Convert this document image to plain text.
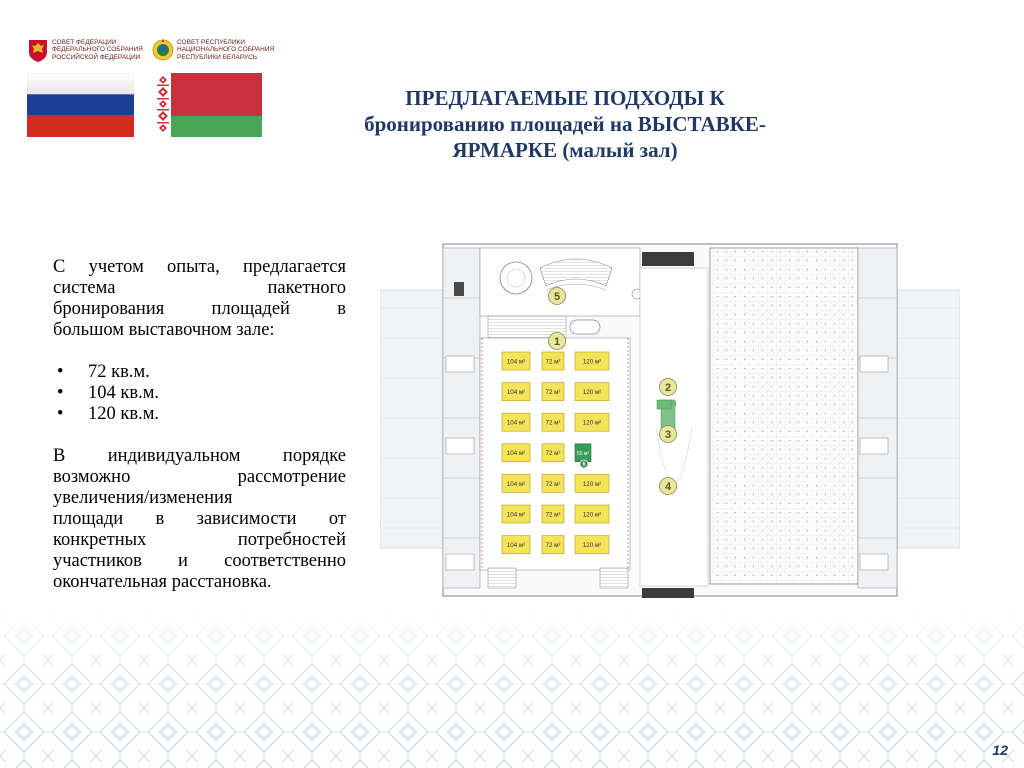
СОВЕТ ФЕДЕРАЦИИ
ФЕДЕРАЛЬНОГО СОБРАНИЯ
РОССИЙСКОЙ ФЕДЕРАЦИИ
СОВЕТ РЕСПУБЛИКИ
НАЦИОНАЛЬНОГО СОБРАНИЯ
РЕСПУБЛИКИ БЕЛАРУСЬ
ПРЕДЛАГАЕМЫЕ ПОДХОДЫ К
бронированию площадей на ВЫСТАВКЕ-
ЯРМАРКЕ (малый зал)
С учетом опыта, предлагается
система пакетного
бронирования площадей в
большом выставочном зале:
•	72 кв.м.
•	104 кв.м.
•	120 кв.м.
В индивидуальном порядке
возможно рассмотрение
увеличения/изменения
площади в зависимости от
конкретных потребностей
участников и соответственно
окончательная расстановка.
104 м²	72 м²	120 м²
104 м²	72 м²	120 м²
104 м²	72 м²	120 м²
104 м²	72 м²	50 м²
104 м²	72 м²	120 м²
104 м²	72 м²	120 м²
104 м²	72 м²	120 м²
1
2
3
4
5
6
12
